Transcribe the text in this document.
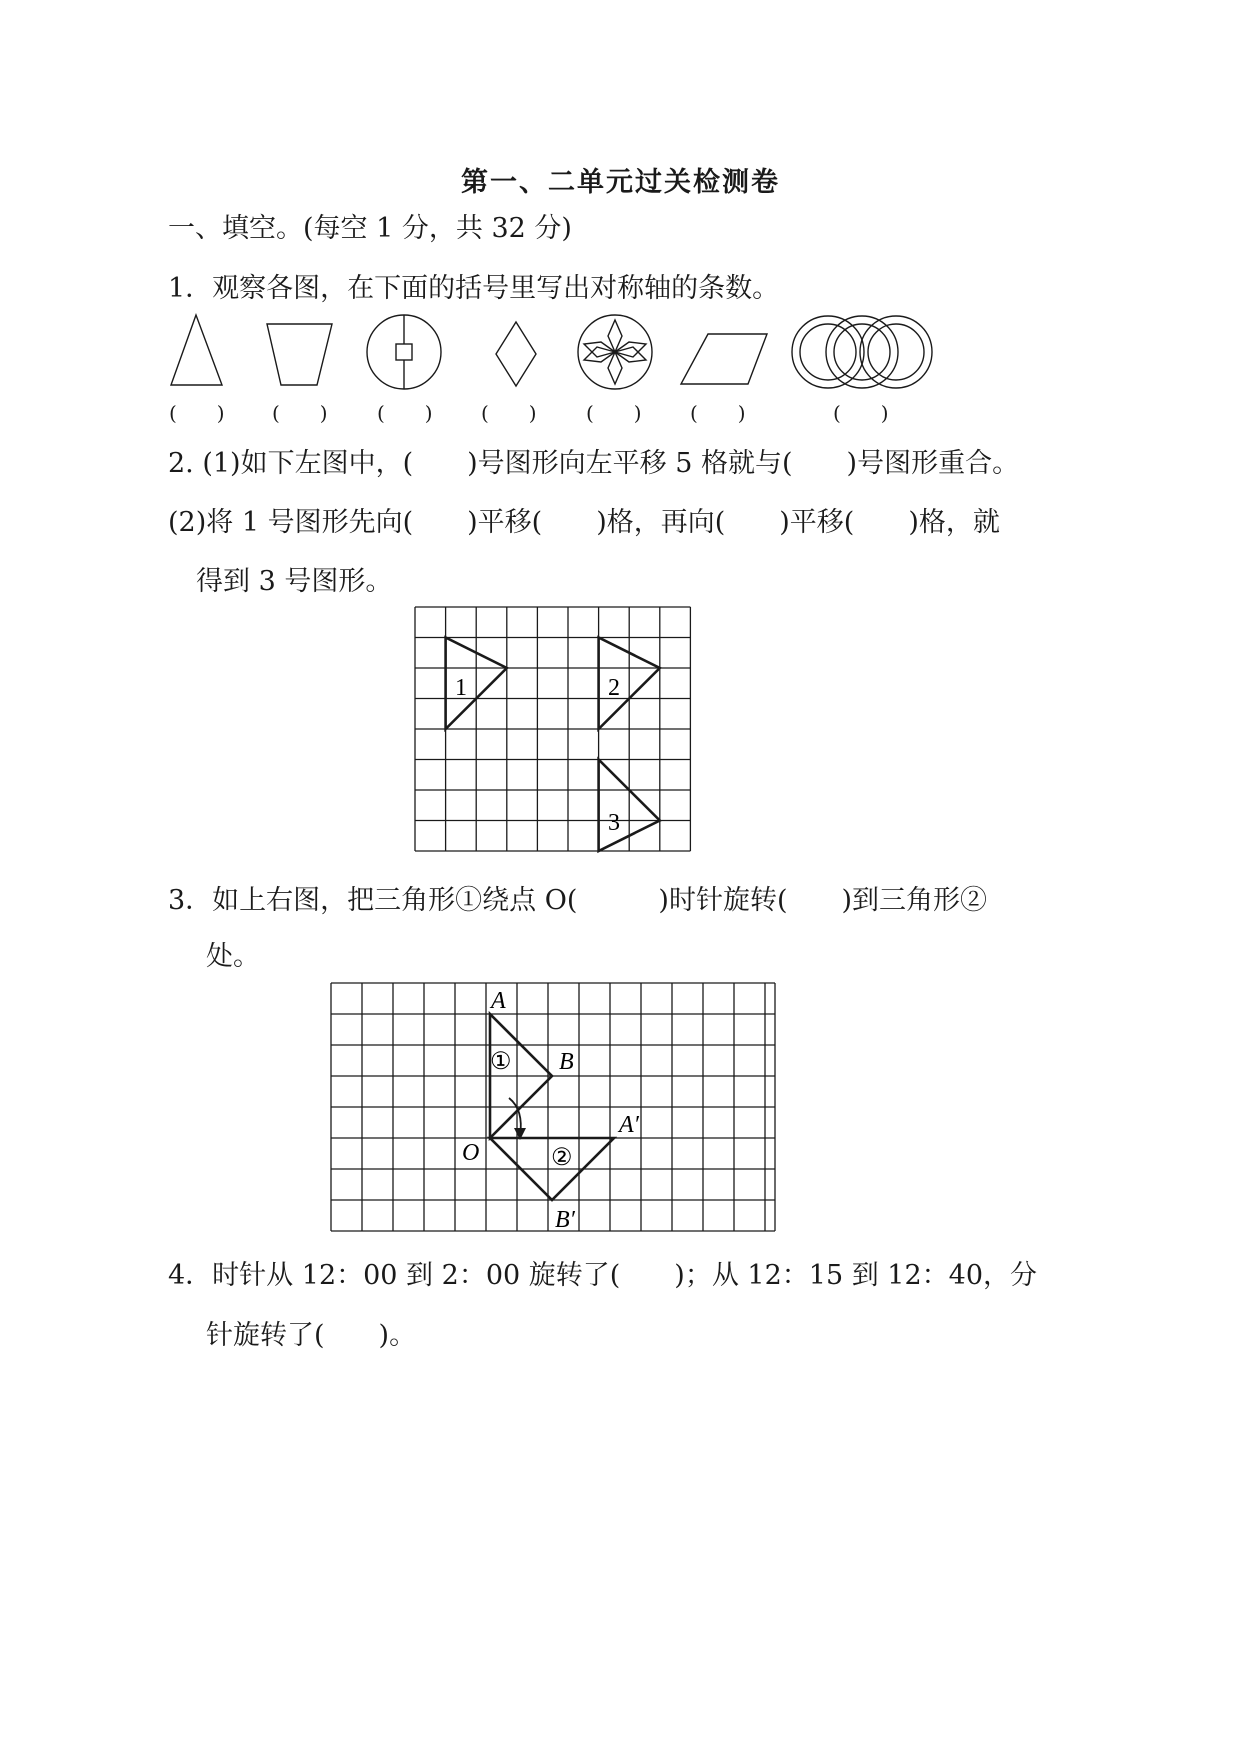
第一、二单元过关检测卷
一、填空。(每空 1 分，共 32 分)
1．观察各图，在下面的括号里写出对称轴的条数。
(　　) (　　) (　　) (　　) (　　) (　　)	(　　)
2. (1)如下左图中，(　　)号图形向左平移 5 格就与(　　)号图形重合。
(2)将 1 号图形先向(　　)平移(　　)格，再向(　　)平移(　　)格，就
得到 3 号图形。
1	2
3
3．如上右图，把三角形①绕点 O(　　　)时针旋转(　　)到三角形②
处。
A
B
O
A′
B′
①
②
4．时针从 12：00 到 2：00 旋转了(　　)；从 12：15 到 12：40，分
针旋转了(　　)。
